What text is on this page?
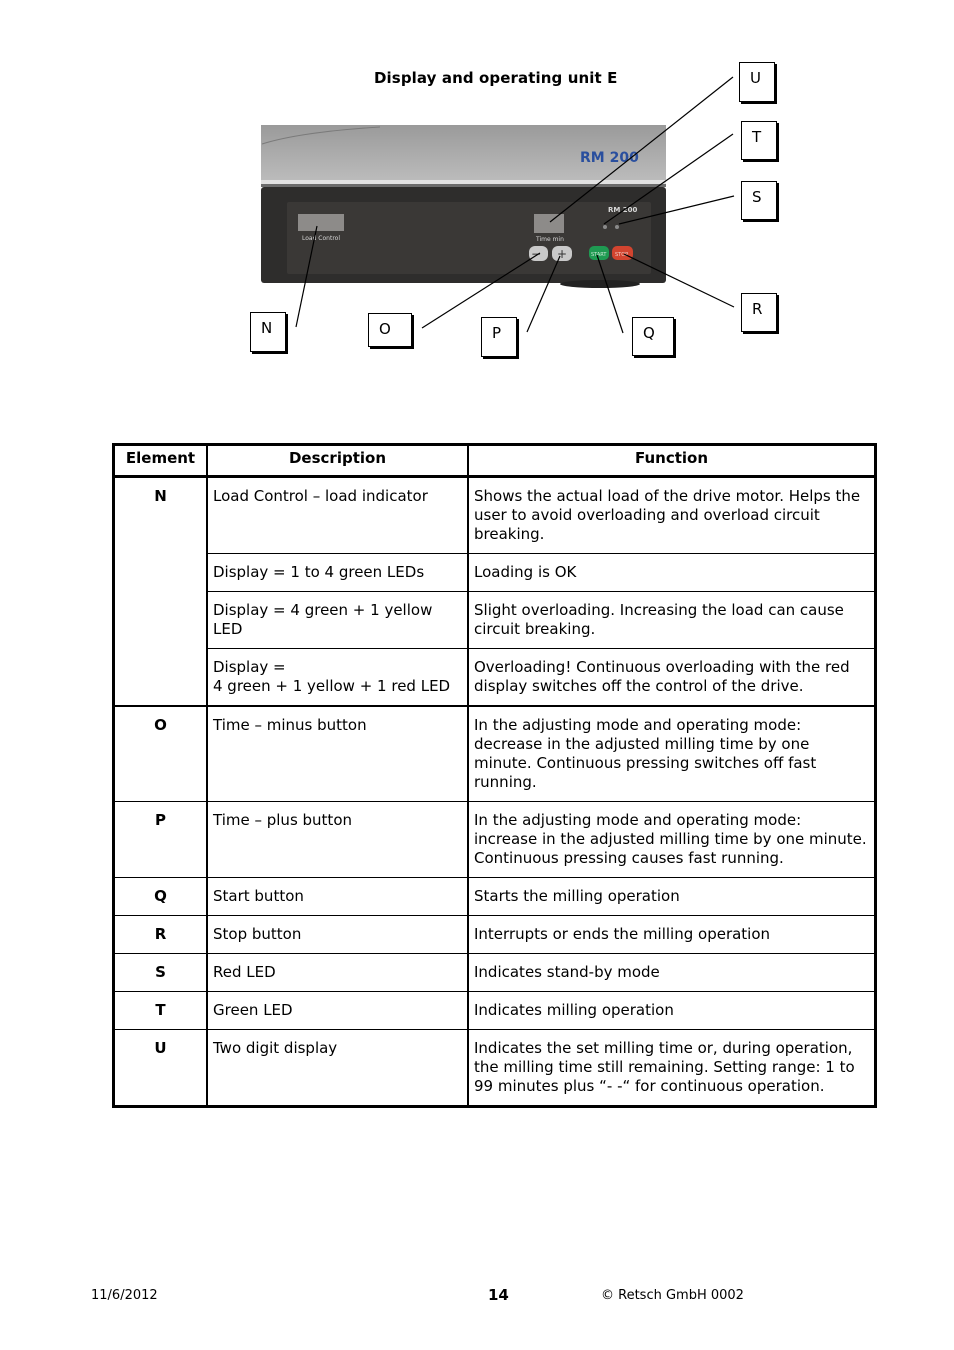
Display and operating unit E
RM 200
Load Control	Time min
RM 200
− +	START STOP
U
T
S
R
N	O	P	Q
Element	Description	Function
N	Load Control – load indicator	Shows the actual load of the drive motor. Helps the user to avoid overloading and overload circuit breaking.
	Display = 1 to 4 green LEDs	Loading is OK
	Display = 4 green + 1 yellow LED	Slight overloading. Increasing the load can cause circuit breaking.
	Display =
4 green + 1 yellow + 1 red LED	Overloading! Continuous overloading with the red display switches off the control of the drive.
O	Time – minus button	In the adjusting mode and operating mode: decrease in the adjusted milling time by one minute. Continuous pressing switches off fast running.
P	Time – plus button	In the adjusting mode and operating mode: increase in the adjusted milling time by one minute. Continuous pressing causes fast running.
Q	Start button	Starts the milling operation
R	Stop button	Interrupts or ends the milling operation
S	Red LED	Indicates stand-by mode
T	Green LED	Indicates milling operation
U	Two digit display	Indicates the set milling time or, during operation, the milling time still remaining. Setting range: 1 to 99 minutes plus “- -“ for continuous operation.
11/6/2012	14	© Retsch GmbH 0002
